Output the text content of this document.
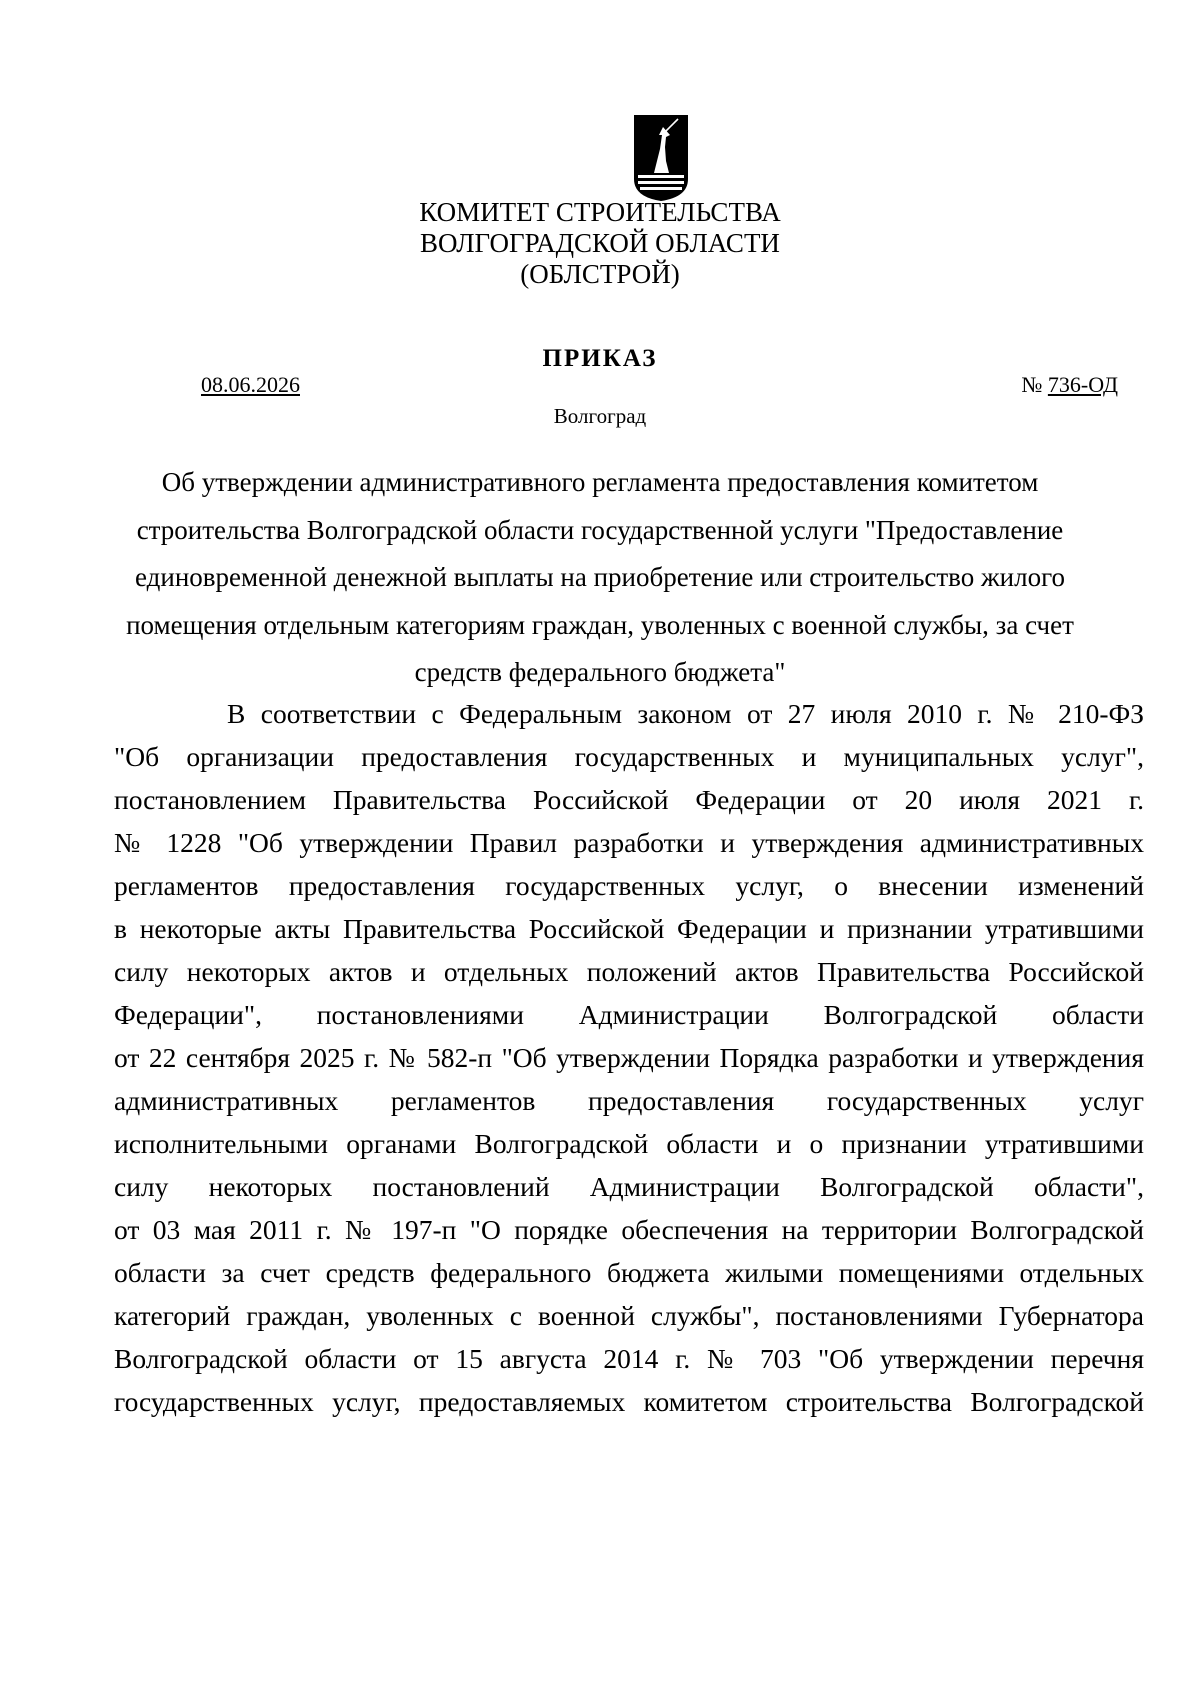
КОМИТЕТ СТРОИТЕЛЬСТВА
ВОЛГОГРАДСКОЙ ОБЛАСТИ
(ОБЛСТРОЙ)
ПРИКАЗ
08.06.2026	№ 736-ОД
Волгоград
Об утверждении административного регламента предоставления комитетом строительства Волгоградской области государственной услуги "Предоставление единовременной денежной выплаты на приобретение или строительство жилого помещения отдельным категориям граждан, уволенных с военной службы, за счет средств федерального бюджета"
В соответствии с Федеральным законом от 27 июля 2010 г. № 210-ФЗ
"Об организации предоставления государственных и муниципальных услуг",
постановлением Правительства Российской Федерации от 20 июля 2021 г.
№ 1228 "Об утверждении Правил разработки и утверждения административных
регламентов предоставления государственных услуг, о внесении изменений
в некоторые акты Правительства Российской Федерации и признании утратившими
силу некоторых актов и отдельных положений актов Правительства Российской
Федерации", постановлениями Администрации Волгоградской области
от 22 сентября 2025 г. № 582-п "Об утверждении Порядка разработки и утверждения
административных регламентов предоставления государственных услуг
исполнительными органами Волгоградской области и о признании утратившими
силу некоторых постановлений Администрации Волгоградской области",
от 03 мая 2011 г. № 197-п "О порядке обеспечения на территории Волгоградской
области за счет средств федерального бюджета жилыми помещениями отдельных
категорий граждан, уволенных с военной службы", постановлениями Губернатора
Волгоградской области от 15 августа 2014 г. № 703 "Об утверждении перечня
государственных услуг, предоставляемых комитетом строительства Волгоградской
